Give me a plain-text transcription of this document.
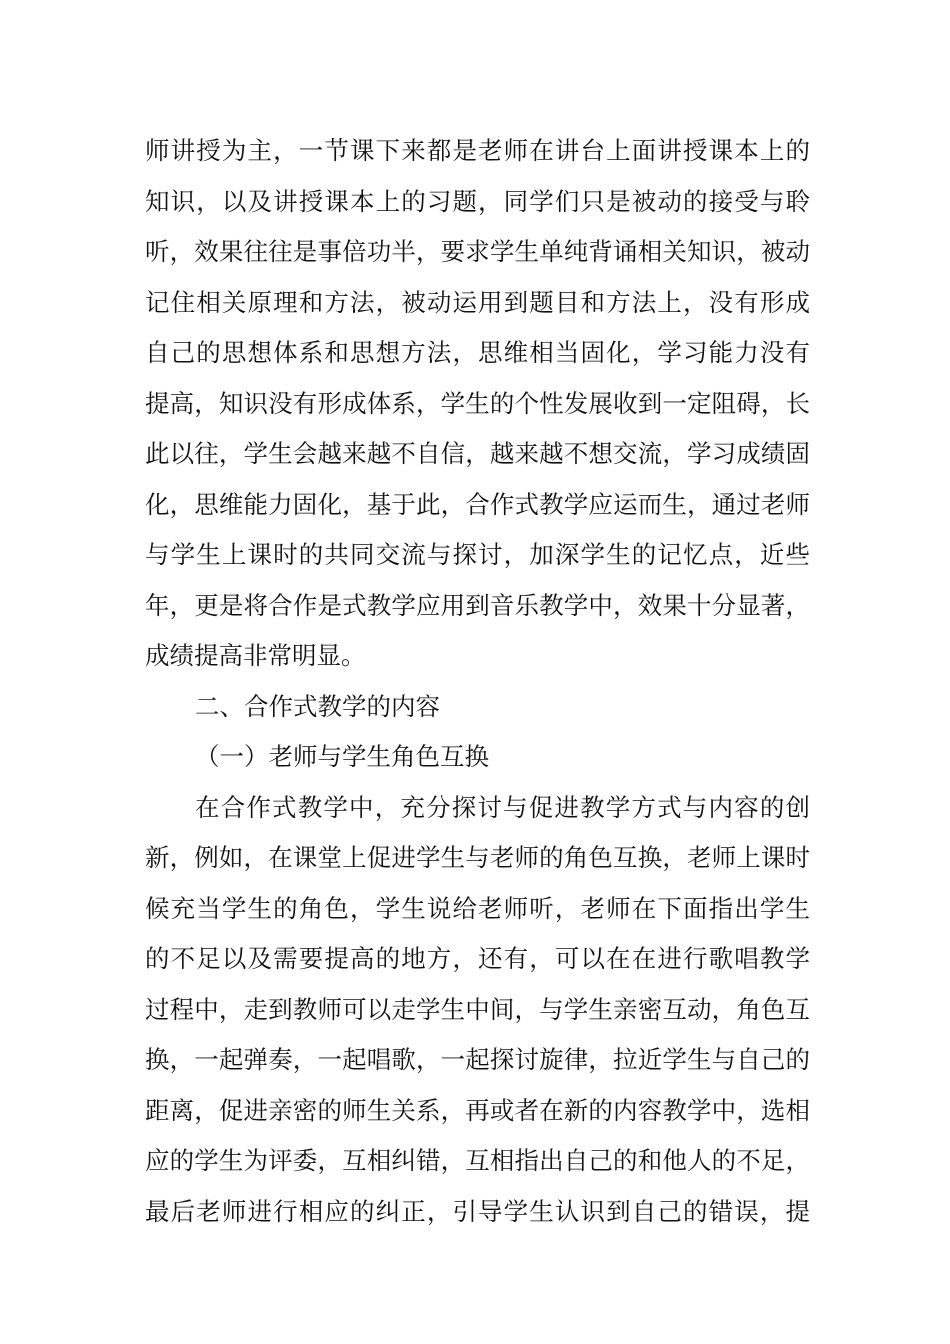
师讲授为主，一节课下来都是老师在讲台上面讲授课本上的
知识，以及讲授课本上的习题，同学们只是被动的接受与聆
听，效果往往是事倍功半，要求学生单纯背诵相关知识，被动
记住相关原理和方法，被动运用到题目和方法上，没有形成
自己的思想体系和思想方法，思维相当固化，学习能力没有
提高，知识没有形成体系，学生的个性发展收到一定阻碍，长
此以往，学生会越来越不自信，越来越不想交流，学习成绩固
化，思维能力固化，基于此，合作式教学应运而生，通过老师
与学生上课时的共同交流与探讨，加深学生的记忆点，近些
年，更是将合作是式教学应用到音乐教学中，效果十分显著，
成绩提高非常明显。
二、合作式教学的内容
（一）老师与学生角色互换
在合作式教学中，充分探讨与促进教学方式与内容的创
新，例如，在课堂上促进学生与老师的角色互换，老师上课时
候充当学生的角色，学生说给老师听，老师在下面指出学生
的不足以及需要提高的地方，还有，可以在在进行歌唱教学
过程中，走到教师可以走学生中间，与学生亲密互动，角色互
换，一起弹奏，一起唱歌，一起探讨旋律，拉近学生与自己的
距离，促进亲密的师生关系，再或者在新的内容教学中，选相
应的学生为评委，互相纠错，互相指出自己的和他人的不足，
最后老师进行相应的纠正，引导学生认识到自己的错误，提
